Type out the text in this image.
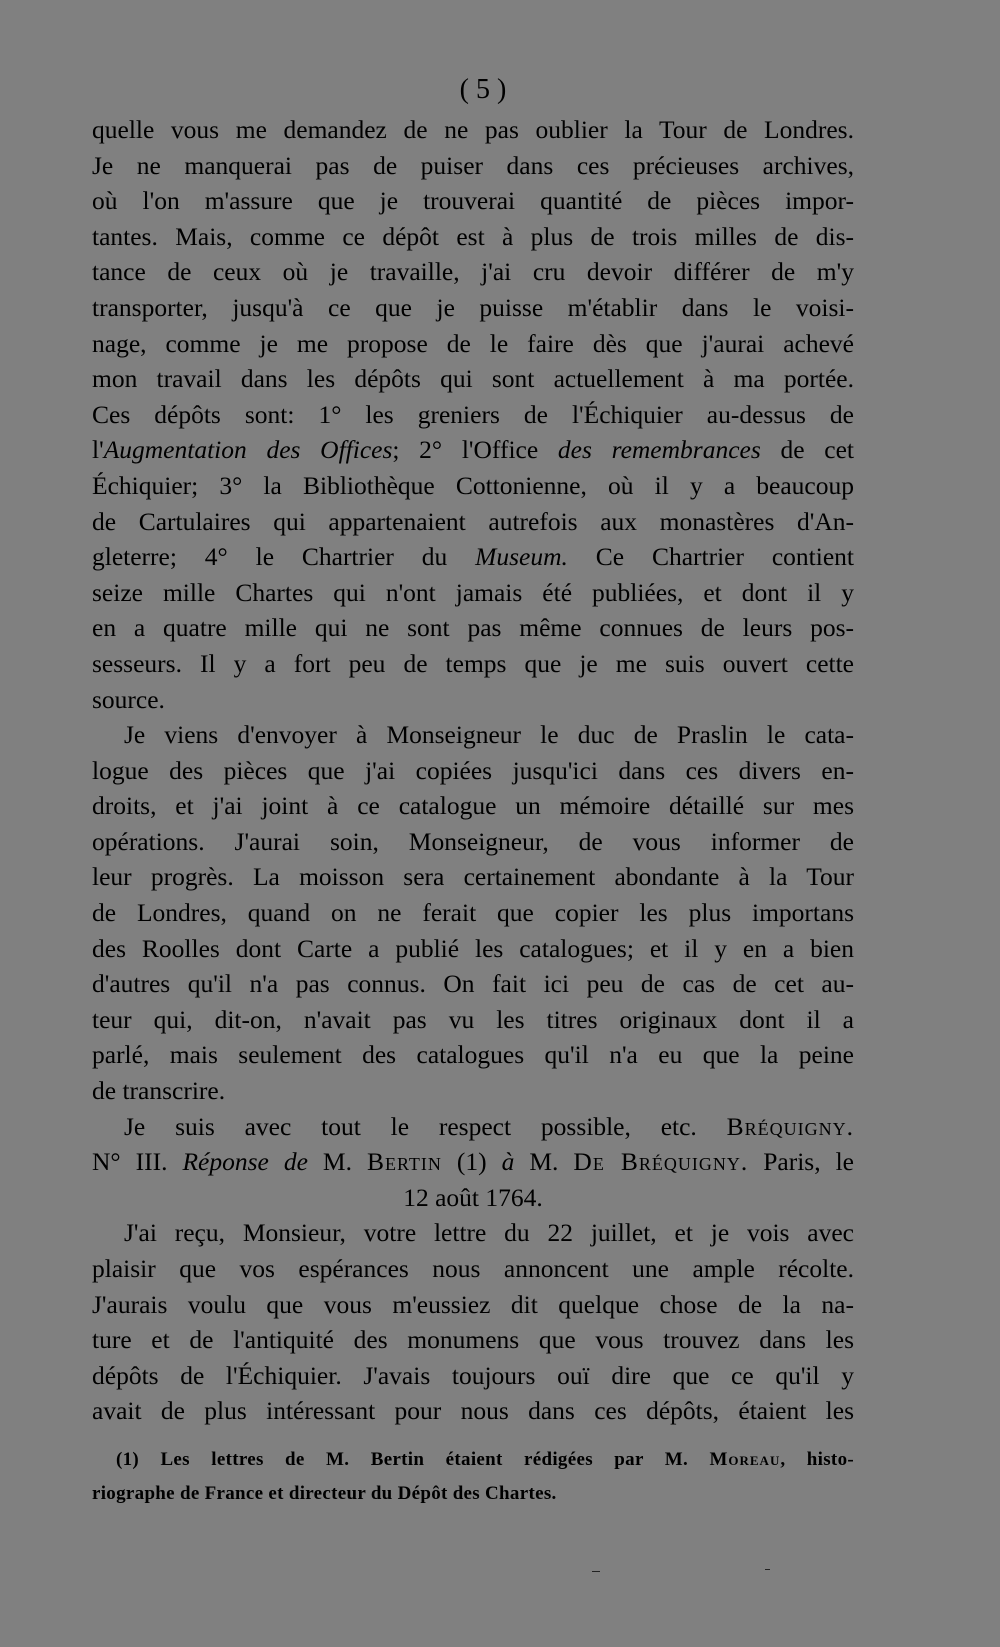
( 5 )
quelle vous me demandez de ne pas oublier la Tour de Londres.
Je ne manquerai pas de puiser dans ces précieuses archives,
où l'on m'assure que je trouverai quantité de pièces impor-
tantes. Mais, comme ce dépôt est à plus de trois milles de dis-
tance de ceux où je travaille, j'ai cru devoir différer de m'y
transporter, jusqu'à ce que je puisse m'établir dans le voisi-
nage, comme je me propose de le faire dès que j'aurai achevé
mon travail dans les dépôts qui sont actuellement à ma portée.
Ces dépôts sont: 1° les greniers de l'Échiquier au-dessus de
l'Augmentation des Offices; 2° l'Office des remembrances de cet
Échiquier; 3° la Bibliothèque Cottonienne, où il y a beaucoup
de Cartulaires qui appartenaient autrefois aux monastères d'An-
gleterre; 4° le Chartrier du Museum. Ce Chartrier contient
seize mille Chartes qui n'ont jamais été publiées, et dont il y
en a quatre mille qui ne sont pas même connues de leurs pos-
sesseurs. Il y a fort peu de temps que je me suis ouvert cette
source.
Je viens d'envoyer à Monseigneur le duc de Praslin le cata-
logue des pièces que j'ai copiées jusqu'ici dans ces divers en-
droits, et j'ai joint à ce catalogue un mémoire détaillé sur mes
opérations. J'aurai soin, Monseigneur, de vous informer de
leur progrès. La moisson sera certainement abondante à la Tour
de Londres, quand on ne ferait que copier les plus importans
des Roolles dont Carte a publié les catalogues; et il y en a bien
d'autres qu'il n'a pas connus. On fait ici peu de cas de cet au-
teur qui, dit-on, n'avait pas vu les titres originaux dont il a
parlé, mais seulement des catalogues qu'il n'a eu que la peine
de transcrire.
Je suis avec tout le respect possible, etc. Bréquigny.
N° III. Réponse de M. Bertin (1) à M. De Bréquigny. Paris, le
12 août 1764.
J'ai reçu, Monsieur, votre lettre du 22 juillet, et je vois avec
plaisir que vos espérances nous annoncent une ample récolte.
J'aurais voulu que vous m'eussiez dit quelque chose de la na-
ture et de l'antiquité des monumens que vous trouvez dans les
dépôts de l'Échiquier. J'avais toujours ouï dire que ce qu'il y
avait de plus intéressant pour nous dans ces dépôts, étaient les
(1) Les lettres de M. Bertin étaient rédigées par M. Moreau, histo-
riographe de France et directeur du Dépôt des Chartes.
